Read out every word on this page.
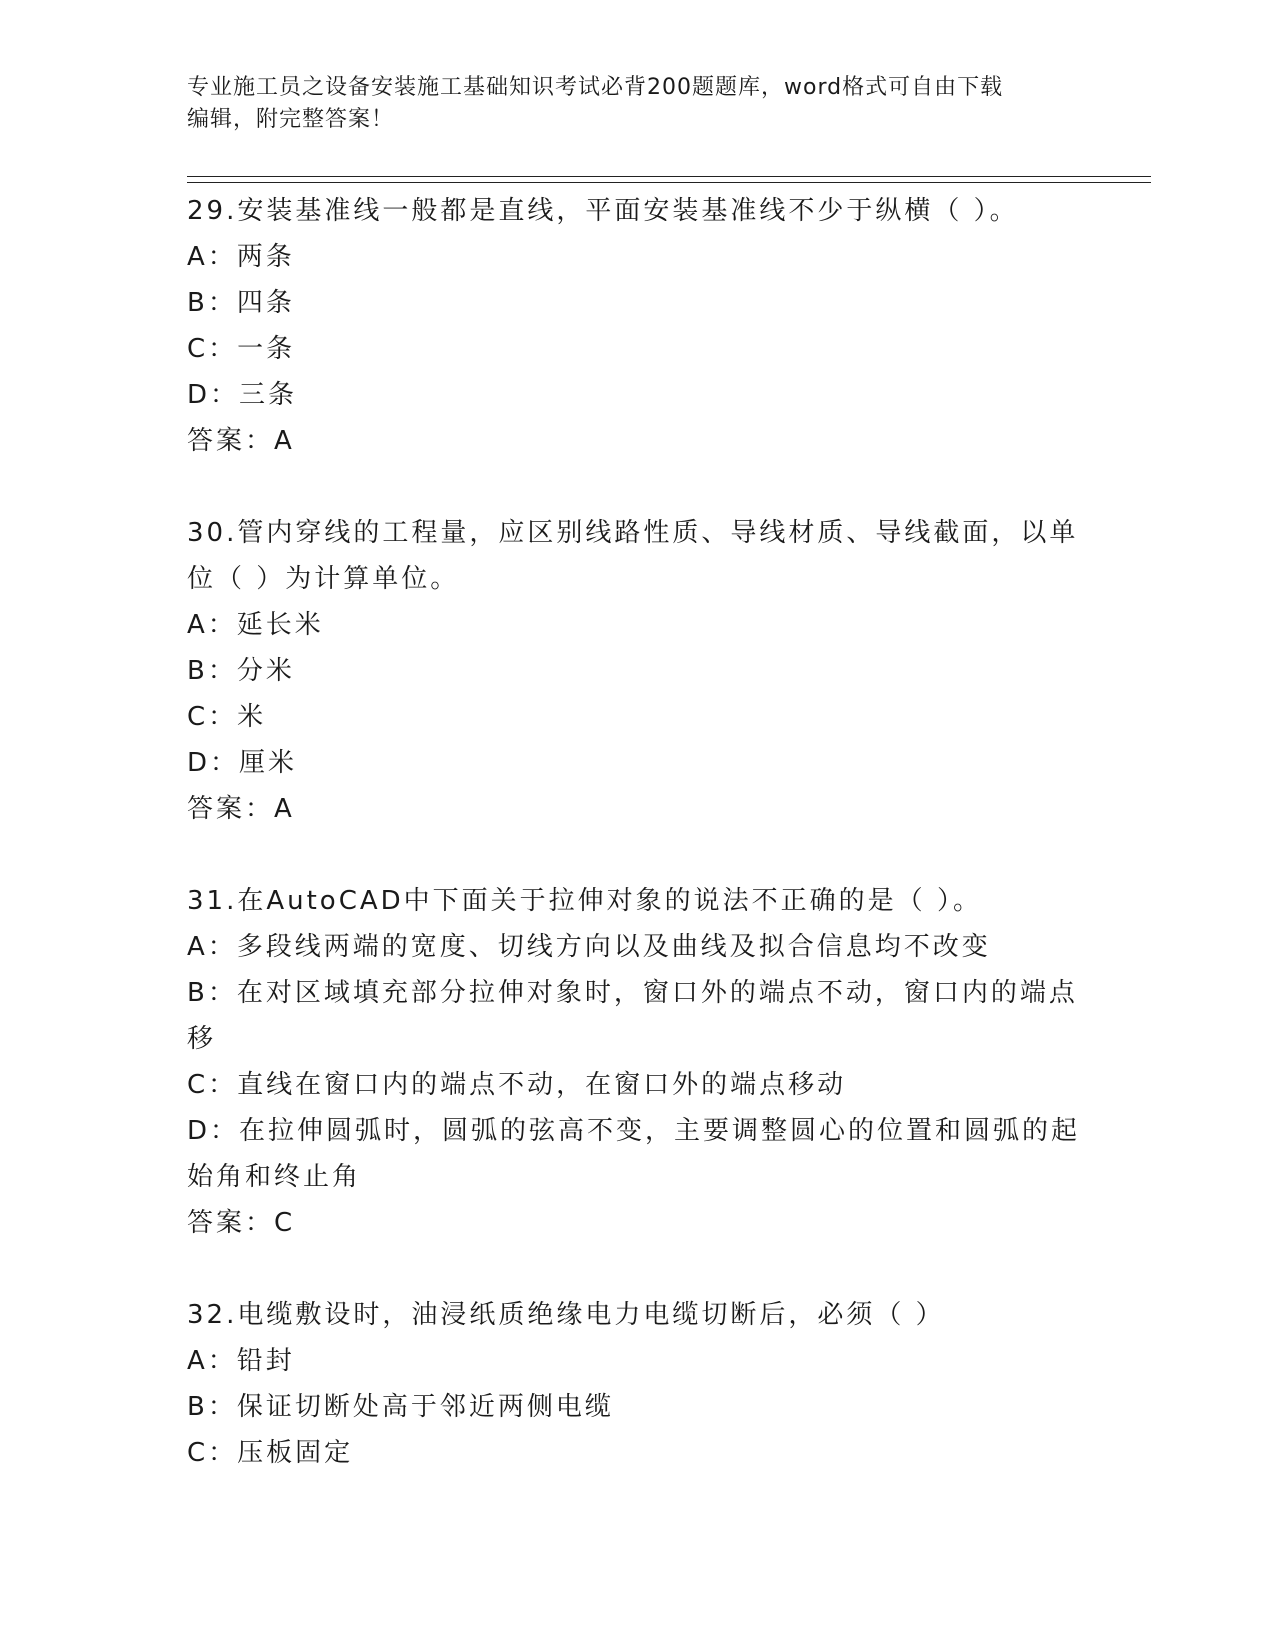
专业施工员之设备安装施工基础知识考试必背200题题库，word格式可自由下载
编辑，附完整答案！
29.安装基准线一般都是直线，平面安装基准线不少于纵横（ ）。
A：两条
B：四条
C：一条
D：三条
答案：A
30.管内穿线的工程量，应区别线路性质、导线材质、导线截面，以单
位（ ）为计算单位。
A：延长米
B：分米
C：米
D：厘米
答案：A
31.在AutoCAD中下面关于拉伸对象的说法不正确的是（ ）。
A：多段线两端的宽度、切线方向以及曲线及拟合信息均不改变
B：在对区域填充部分拉伸对象时，窗口外的端点不动，窗口内的端点
移
C：直线在窗口内的端点不动，在窗口外的端点移动
D：在拉伸圆弧时，圆弧的弦高不变，主要调整圆心的位置和圆弧的起
始角和终止角
答案：C
32.电缆敷设时，油浸纸质绝缘电力电缆切断后，必须（ ）
A：铅封
B：保证切断处高于邻近两侧电缆
C：压板固定
